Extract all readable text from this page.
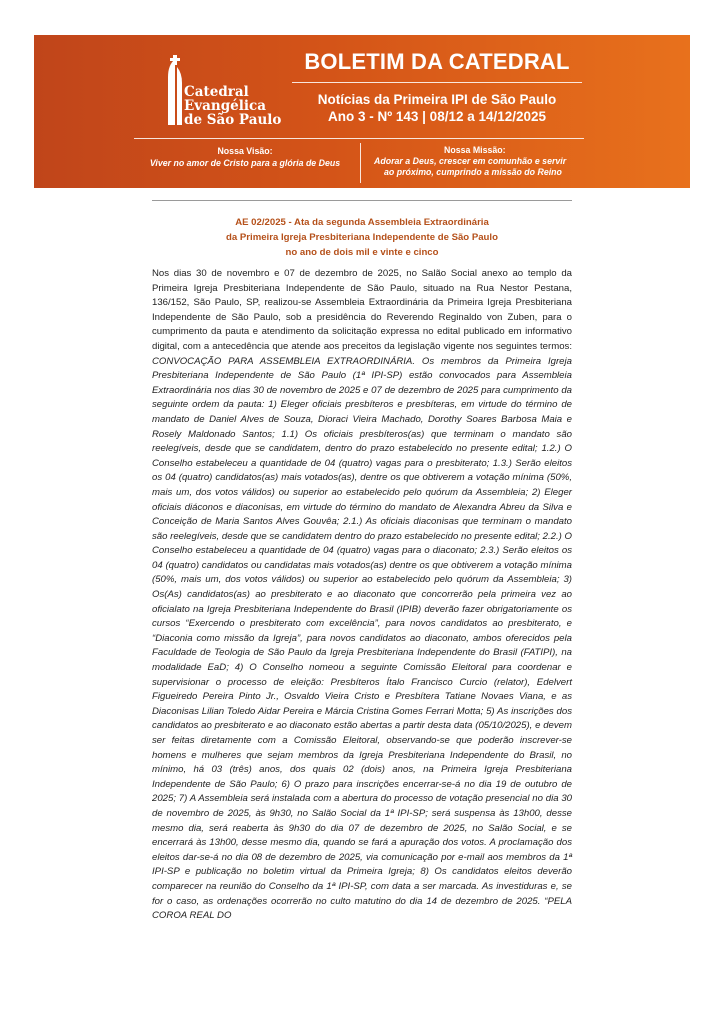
Catedral
Evangélica
de São Paulo
BOLETIM DA CATEDRAL
Notícias da Primeira IPI de São Paulo
Ano 3 - Nº 143 | 08/12 a 14/12/2025
Nossa Visão:
Viver no amor de Cristo para a glória de Deus
Nossa Missão:
Adorar a Deus, crescer em comunhão e servir
ao próximo, cumprindo a missão do Reino
AE 02/2025 - Ata da segunda Assembleia Extraordinária
da Primeira Igreja Presbiteriana Independente de São Paulo
no ano de dois mil e vinte e cinco
Nos dias 30 de novembro e 07 de dezembro de 2025, no Salão Social anexo ao templo da Primeira Igreja Presbiteriana Independente de São Paulo, situado na Rua Nestor Pestana, 136/152, São Paulo, SP, realizou-se Assembleia Extraordinária da Primeira Igreja Presbiteriana Independente de São Paulo, sob a presidência do Reverendo Reginaldo von Zuben, para o cumprimento da pauta e atendimento da solicitação expressa no edital publicado em informativo digital, com a antecedência que atende aos preceitos da legislação vigente nos seguintes termos: CONVOCAÇÃO PARA ASSEMBLEIA EXTRAORDINÁRIA. Os membros da Primeira Igreja Presbiteriana Independente de São Paulo (1ª IPI-SP) estão convocados para Assembleia Extraordinária nos dias 30 de novembro de 2025 e 07 de dezembro de 2025 para cumprimento da seguinte ordem da pauta: 1) Eleger oficiais presbíteros e presbíteras, em virtude do término de mandato de Daniel Alves de Souza, Dioraci Vieira Machado, Dorothy Soares Barbosa Maia e Rosely Maldonado Santos; 1.1) Os oficiais presbíteros(as) que terminam o mandato são reelegíveis, desde que se candidatem, dentro do prazo estabelecido no presente edital; 1.2.) O Conselho estabeleceu a quantidade de 04 (quatro) vagas para o presbiterato; 1.3.) Serão eleitos os 04 (quatro) candidatos(as) mais votados(as), dentre os que obtiverem a votação mínima (50%, mais um, dos votos válidos) ou superior ao estabelecido pelo quórum da Assembleia; 2) Eleger oficiais diáconos e diaconisas, em virtude do término do mandato de Alexandra Abreu da Silva e Conceição de Maria Santos Alves Gouvêa; 2.1.) As oficiais diaconisas que terminam o mandato são reelegíveis, desde que se candidatem dentro do prazo estabelecido no presente edital; 2.2.) O Conselho estabeleceu a quantidade de 04 (quatro) vagas para o diaconato; 2.3.) Serão eleitos os 04 (quatro) candidatos ou candidatas mais votados(as) dentre os que obtiverem a votação mínima (50%, mais um, dos votos válidos) ou superior ao estabelecido pelo quórum da Assembleia; 3) Os(As) candidatos(as) ao presbiterato e ao diaconato que concorrerão pela primeira vez ao oficialato na Igreja Presbiteriana Independente do Brasil (IPIB) deverão fazer obrigatoriamente os cursos “Exercendo o presbiterato com excelência”, para novos candidatos ao presbiterato, e “Diaconia como missão da Igreja”, para novos candidatos ao diaconato, ambos oferecidos pela Faculdade de Teologia de São Paulo da Igreja Presbiteriana Independente do Brasil (FATIPI), na modalidade EaD; 4) O Conselho nomeou a seguinte Comissão Eleitoral para coordenar e supervisionar o processo de eleição: Presbíteros Ítalo Francisco Curcio (relator), Edelvert Figueiredo Pereira Pinto Jr., Osvaldo Vieira Cristo e Presbítera Tatiane Novaes Viana, e as Diaconisas Lilian Toledo Aidar Pereira e Márcia Cristina Gomes Ferrari Motta; 5) As inscrições dos candidatos ao presbiterato e ao diaconato estão abertas a partir desta data (05/10/2025), e devem ser feitas diretamente com a Comissão Eleitoral, observando-se que poderão inscrever-se homens e mulheres que sejam membros da Igreja Presbiteriana Independente do Brasil, no mínimo, há 03 (três) anos, dos quais 02 (dois) anos, na Primeira Igreja Presbiteriana Independente de São Paulo; 6) O prazo para inscrições encerrar-se-á no dia 19 de outubro de 2025; 7) A Assembleia será instalada com a abertura do processo de votação presencial no dia 30 de novembro de 2025, às 9h30, no Salão Social da 1ª IPI-SP; será suspensa às 13h00, desse mesmo dia, será reaberta às 9h30 do dia 07 de dezembro de 2025, no Salão Social, e se encerrará às 13h00, desse mesmo dia, quando se fará a apuração dos votos. A proclamação dos eleitos dar-se-á no dia 08 de dezembro de 2025, via comunicação por e-mail aos membros da 1ª IPI-SP e publicação no boletim virtual da Primeira Igreja; 8) Os candidatos eleitos deverão comparecer na reunião do Conselho da 1ª IPI-SP, com data a ser marcada. As investiduras e, se for o caso, as ordenações ocorrerão no culto matutino do dia 14 de dezembro de 2025. “PELA COROA REAL DO
